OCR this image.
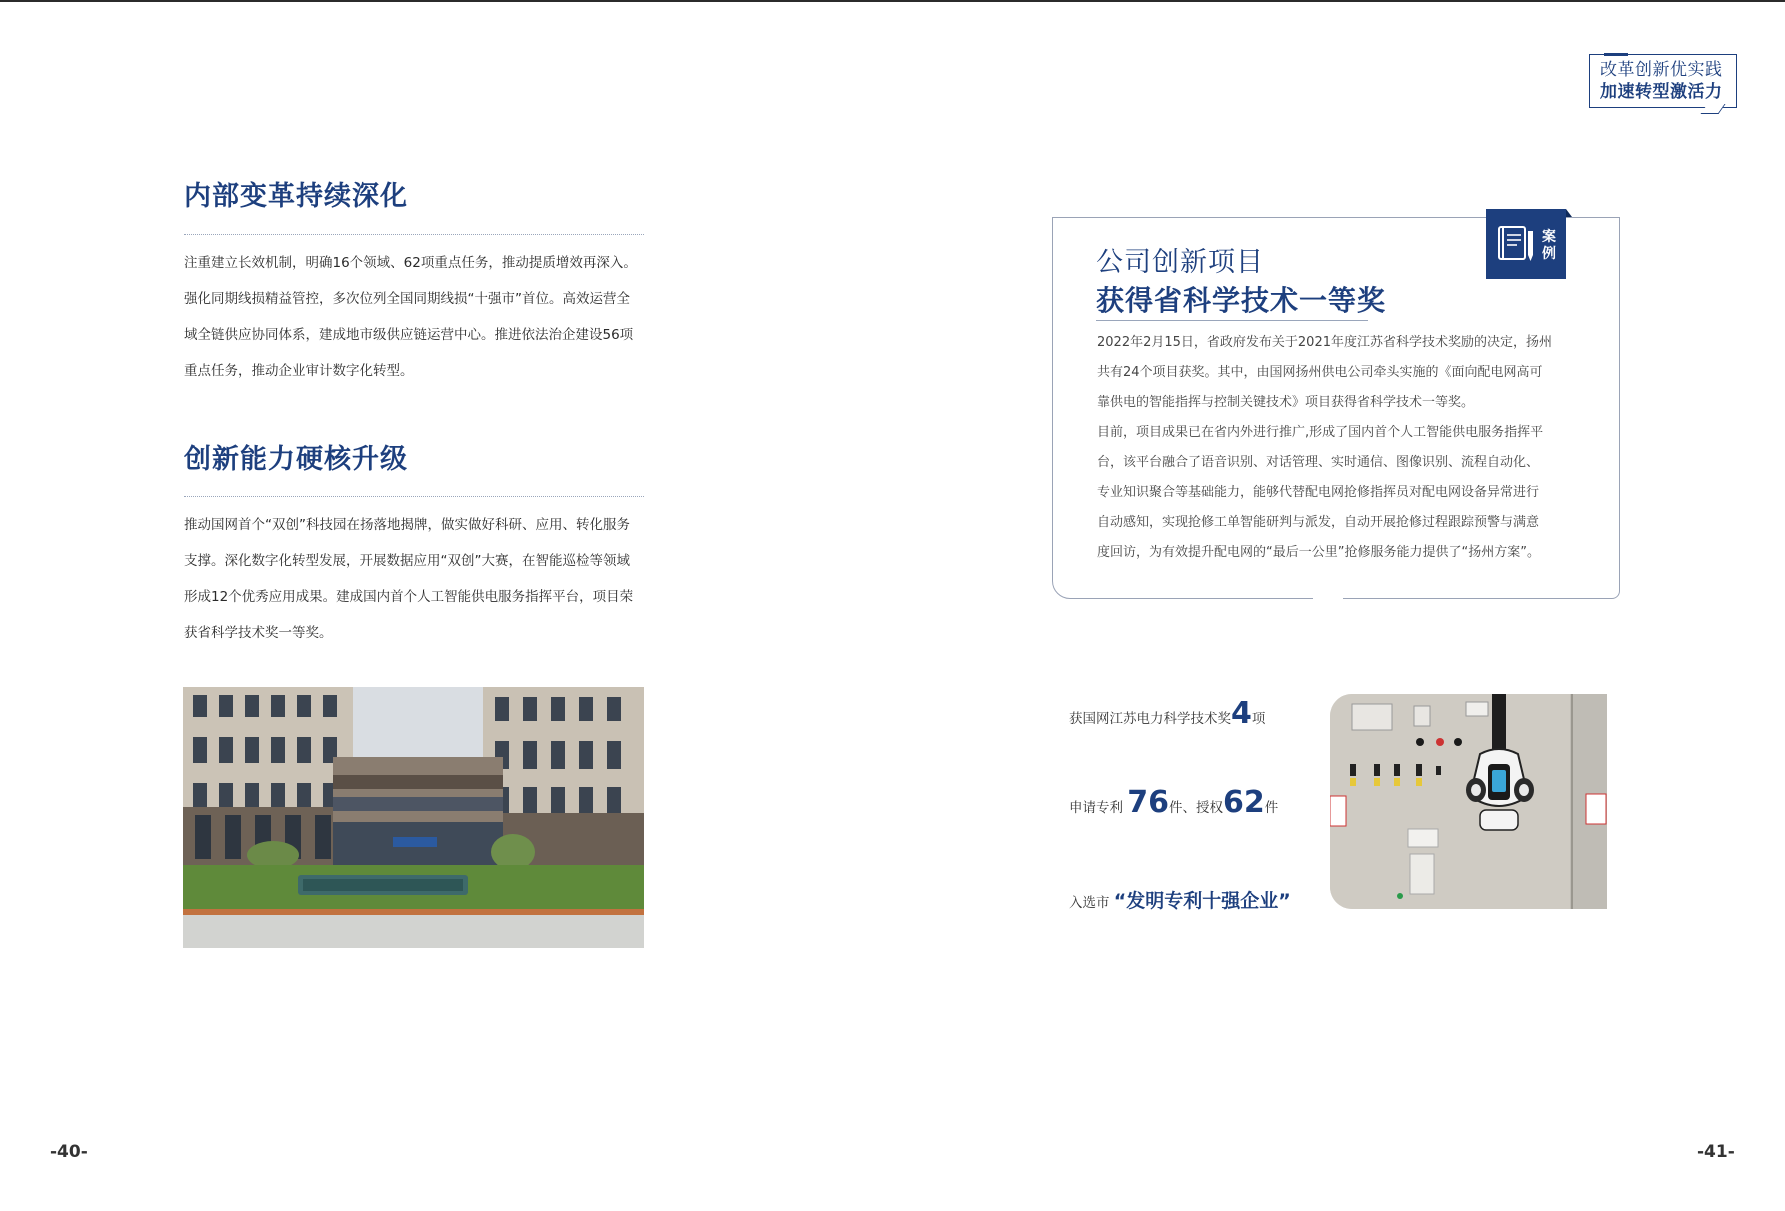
改革创新优实践
加速转型激活力
内部变革持续深化
注重建立长效机制，明确16个领域、62项重点任务，推动提质增效再深入。
强化同期线损精益管控，多次位列全国同期线损“十强市”首位。高效运营全
域全链供应协同体系，建成地市级供应链运营中心。推进依法治企建设56项
重点任务，推动企业审计数字化转型。
创新能力硬核升级
推动国网首个“双创”科技园在扬落地揭牌，做实做好科研、应用、转化服务
支撑。深化数字化转型发展，开展数据应用“双创”大赛，在智能巡检等领域
形成12个优秀应用成果。建成国内首个人工智能供电服务指挥平台，项目荣
获省科学技术奖一等奖。
-40-
案例
公司创新项目
获得省科学技术一等奖
2022年2月15日，省政府发布关于2021年度江苏省科学技术奖励的决定，扬州
共有24个项目获奖。其中，由国网扬州供电公司牵头实施的《面向配电网高可
靠供电的智能指挥与控制关键技术》项目获得省科学技术一等奖。
目前，项目成果已在省内外进行推广,形成了国内首个人工智能供电服务指挥平
台，该平台融合了语音识别、对话管理、实时通信、图像识别、流程自动化、
专业知识聚合等基础能力，能够代替配电网抢修指挥员对配电网设备异常进行
自动感知，实现抢修工单智能研判与派发，自动开展抢修过程跟踪预警与满意
度回访，为有效提升配电网的“最后一公里”抢修服务能力提供了“扬州方案”。
获国网江苏电力科学技术奖4项
申请专利 76件、授权62件
入选市 “发明专利十强企业”
-41-
